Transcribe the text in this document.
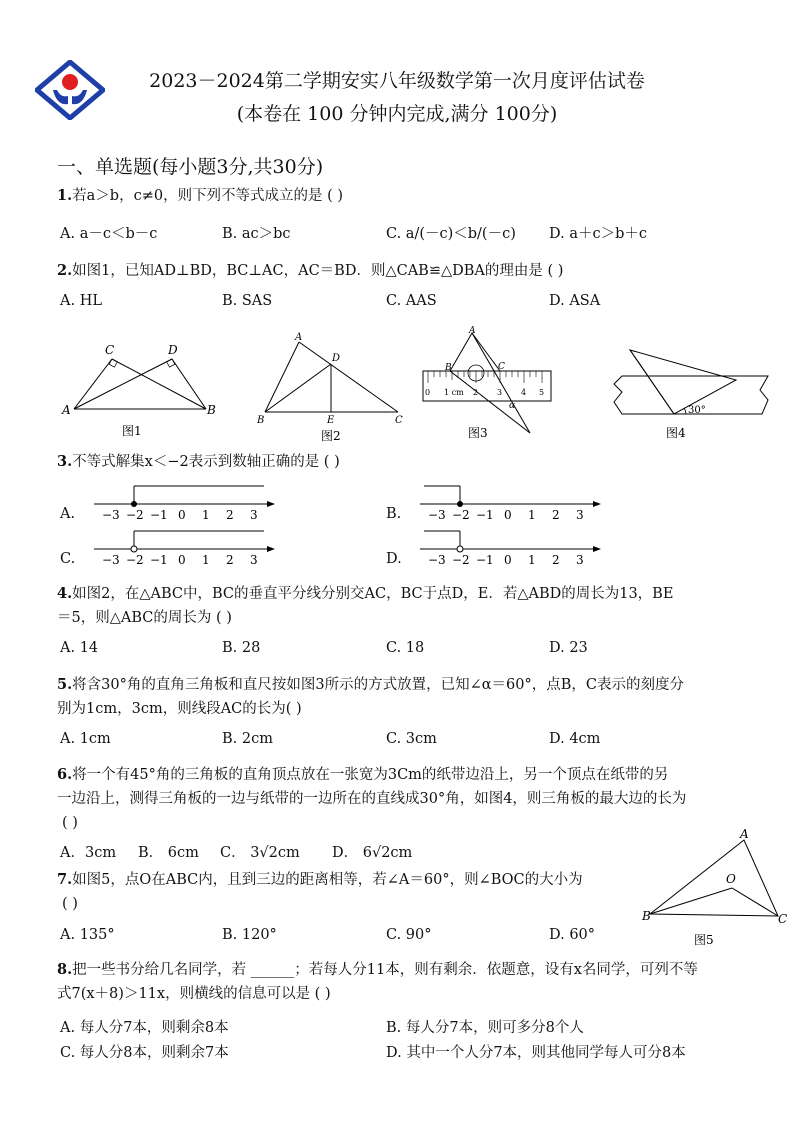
2023－2024第二学期安实八年级数学第一次月度评估试卷
(本卷在 100 分钟内完成,满分 100分)
一、单选题(每小题3分,共30分)
1.若a＞b，c≠0，则下列不等式成立的是 ( )
A. a－c＜b－c	B. ac＞bc	C. a/(－c)＜b/(－c) D. a＋c＞b＋c
2.如图1，已知AD⊥BD，BC⊥AC，AC＝BD．则△CAB≌△DBA的理由是 ( )
A. HL	B. SAS	C. AAS	D. ASA
C	D
A	B
图1
A
D
B	E	C
图2
0 1 cm 2 3 4 5
A
B	C
α
图3
30°
图4
3.不等式解集x＜−2表示到数轴正确的是 ( )
A. −3 −2 −1 0 1 2 3	B. −3 −2 −1 0 1 2 3
C. −3 −2 −1 0 1 2 3	D. −3 −2 −1 0 1 2 3
4.如图2，在△ABC中，BC的垂直平分线分别交AC，BC于点D，E．若△ABD的周长为13，BE
＝5，则△ABC的周长为 ( )
A. 14	B. 28	C. 18	D. 23
5.将含30°角的直角三角板和直尺按如图3所示的方式放置，已知∠α＝60°，点B，C表示的刻度分
别为1cm，3cm，则线段AC的长为( )
A. 1cm	B. 2cm	C. 3cm	D. 4cm
6.将一个有45°角的三角板的直角顶点放在一张宽为3Cm的纸带边沿上，另一个顶点在纸带的另
一边沿上，测得三角板的一边与纸带的一边所在的直线成30°角，如图4，则三角板的最大边的长为
( )
A．3cm B． 6cm C． 3√2cm D． 6√2cm
7.如图5，点O在ABC内，且到三边的距离相等，若∠A＝60°，则∠BOC的大小为
( )
A. 135°	B. 120°	C. 90°	D. 60°
A
O
B	C
图5
8.把一些书分给几名同学，若 ______；若每人分11本，则有剩余．依题意，设有x名同学，可列不等
式7(x＋8)＞11x，则横线的信息可以是 ( )
A. 每人分7本，则剩余8本	B. 每人分7本，则可多分8个人
C. 每人分8本，则剩余7本	D. 其中一个人分7本，则其他同学每人可分8本
